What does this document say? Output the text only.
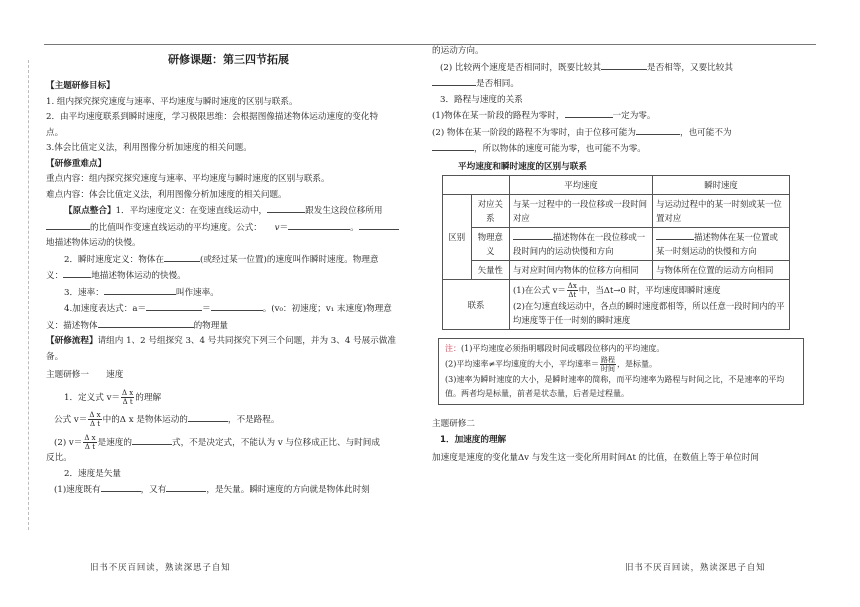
研修课题：第三四节拓展
【主题研修目标】
1. 组内探究探究速度与速率、平均速度与瞬时速度的区别与联系。
2．由平均速度联系到瞬时速度，学习极限思维：会根据图像描述物体运动速度的变化特
点。
3.体会比值定义法，利用图像分析加速度的相关问题。
【研修重难点】
重点内容：组内探究探究速度与速率、平均速度与瞬时速度的区别与联系。
难点内容：体会比值定义法，利用图像分析加速度的相关问题。
【原点整合】1．平均速度定义：在变速直线运动中，	跟发生这段位移所用
的比值叫作变速直线运动的平均速度。公式： v＝	。
地描述物体运动的快慢。
2．瞬时速度定义：物体在	(或经过某一位置)的速度叫作瞬时速度。物理意
义：	地描述物体运动的快慢。
3．速率：	叫作速率。
4.加速度表达式：a＝	＝	。(v₀：初速度；v₁ 末速度)物理意
义：描述物体	的物理量
【研修流程】请组内 1、2 号组探究 3、4 号共同探究下列三个问题，并为 3、4 号展示做准
备。
主题研修一　　速度
1．定义式 $v= \frac{\text{Δ x}}{\text{Δ t}}$ 的理解
公式 $v= \frac{\text{Δ x}}{\text{Δ t}}$ 中的Δ x 是物体运动的	，不是路程。
(2) $v= \frac{\text{Δ x}}{\text{Δ t}}$ 是速度的	式，不是决定式，不能认为 v 与位移成正比、与时间成
反比。
2．速度是矢量
(1)速度既有	，又有	，是矢量。瞬时速度的方向就是物体此时刻
的运动方向。
(2) 比较两个速度是否相同时，既要比较其	是否相等，又要比较其
是否相同。
3．路程与速度的关系
(1)物体在某一阶段的路程为零时，	一定为零。
(2) 物体在某一阶段的路程不为零时，由于位移可能为	，也可能不为
，所以物体的速度可能为零，也可能不为零。
平均速度和瞬时速度的区别与联系
		平均速度	瞬时速度
区别	对应关系	与某一过程中的一段位移或一段时间对应	与运动过程中的某一时刻或某一位置对应
	物理意义	描述物体在一段位移或一段时间内的运动快慢和方向	描述物体在某一位置或某一时刻运动的快慢和方向
	矢量性	与对应时间内物体的位移方向相同	与物体所在位置的运动方向相同
联系		(1)在公式 $v= \frac{\Delta x}{\Delta t}$ 中，当Δt→0 时，平均速度即瞬时速度
(2)在匀速直线运动中，各点的瞬时速度都相等，所以任意一段时间内的平均速度等于任一时刻的瞬时速度	
注：(1)平均速度必须指明哪段时间或哪段位移内的平均速度。
(2)平均速率≠平均速度的大小，平均速率＝ $\frac{\text{路程}}{\text{时间}}$ ，是标量。
(3)速率为瞬时速度的大小，是瞬时速率的简称，而平均速率为路程与时间之比，不是速率的平均值。两者均是标量，前者是状态量，后者是过程量。
主题研修二
1．加速度的理解
加速度是速度的变化量Δv 与发生这一变化所用时间Δt 的比值，在数值上等于单位时间
旧书不厌百回读，熟读深思子自知	旧书不厌百回读，熟读深思子自知
